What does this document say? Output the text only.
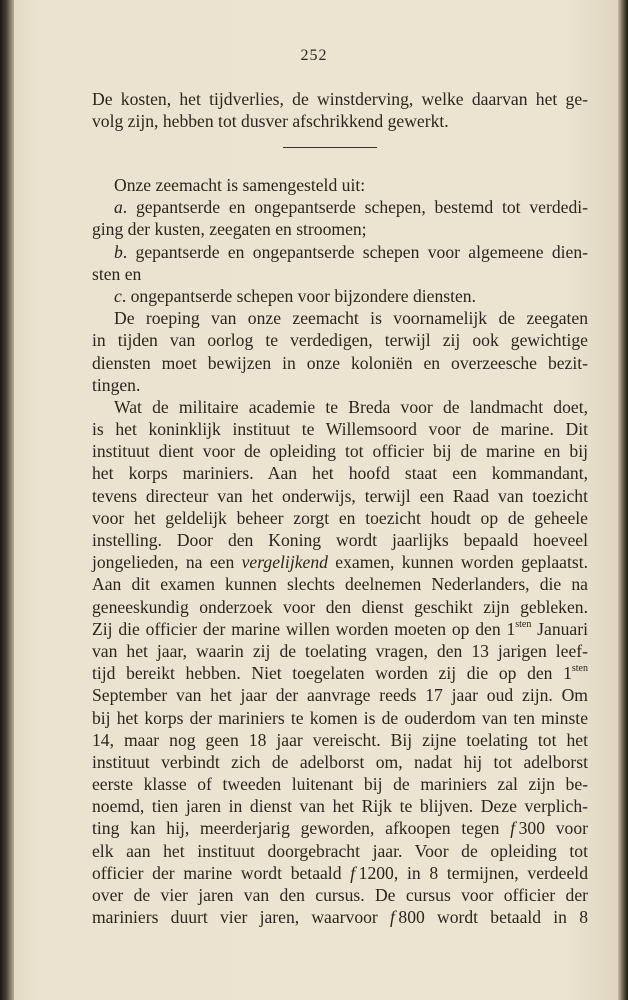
252
De kosten, het tijdverlies, de winstderving, welke daarvan het ge-
volg zijn, hebben tot dusver afschrikkend gewerkt.
Onze zeemacht is samengesteld uit:
a. gepantserde en ongepantserde schepen, bestemd tot verdedi-
ging der kusten, zeegaten en stroomen;
b. gepantserde en ongepantserde schepen voor algemeene dien-
sten en
c. ongepantserde schepen voor bijzondere diensten.
De roeping van onze zeemacht is voornamelijk de zeegaten
in tijden van oorlog te verdedigen, terwijl zij ook gewichtige
diensten moet bewijzen in onze koloniën en overzeesche bezit-
tingen.
Wat de militaire academie te Breda voor de landmacht doet,
is het koninklijk instituut te Willemsoord voor de marine. Dit
instituut dient voor de opleiding tot officier bij de marine en bij
het korps mariniers. Aan het hoofd staat een kommandant,
tevens directeur van het onderwijs, terwijl een Raad van toezicht
voor het geldelijk beheer zorgt en toezicht houdt op de geheele
instelling. Door den Koning wordt jaarlijks bepaald hoeveel
jongelieden, na een vergelijkend examen, kunnen worden geplaatst.
Aan dit examen kunnen slechts deelnemen Nederlanders, die na
geneeskundig onderzoek voor den dienst geschikt zijn gebleken.
Zij die officier der marine willen worden moeten op den $1^{sten}$ Januari
van het jaar, waarin zij de toelating vragen, den 13 jarigen leef-
tijd bereikt hebben. Niet toegelaten worden zij die op den $1^{sten}$
September van het jaar der aanvrage reeds 17 jaar oud zijn. Om
bij het korps der mariniers te komen is de ouderdom van ten minste
14, maar nog geen 18 jaar vereischt. Bij zijne toelating tot het
instituut verbindt zich de adelborst om, nadat hij tot adelborst
eerste klasse of tweeden luitenant bij de mariniers zal zijn be-
noemd, tien jaren in dienst van het Rijk te blijven. Deze verplich-
ting kan hij, meerderjarig geworden, afkoopen tegen f 300 voor
elk aan het instituut doorgebracht jaar. Voor de opleiding tot
officier der marine wordt betaald f 1200, in 8 termijnen, verdeeld
over de vier jaren van den cursus. De cursus voor officier der
mariniers duurt vier jaren, waarvoor f 800 wordt betaald in 8
